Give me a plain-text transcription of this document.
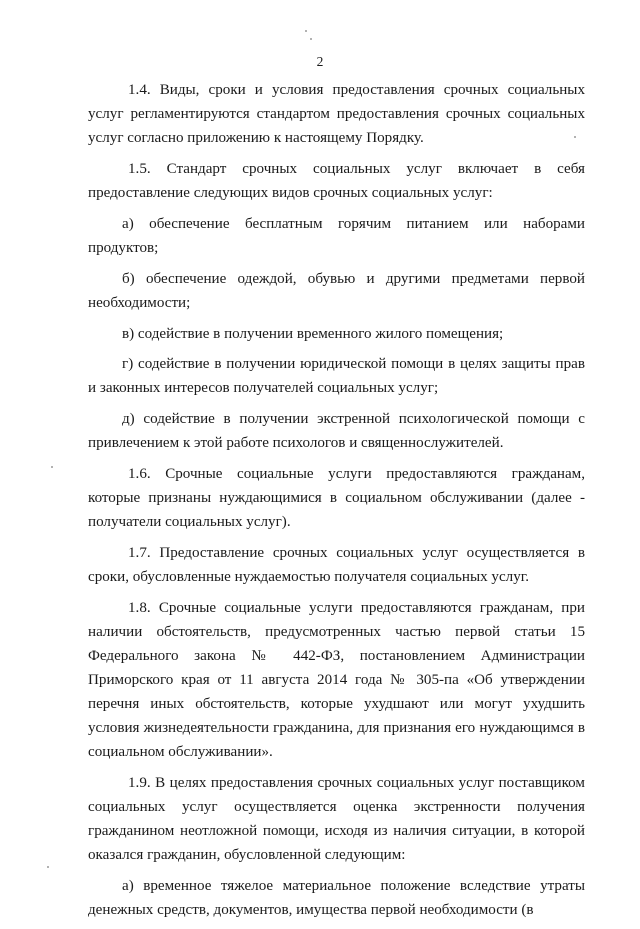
2

1.4. Виды, сроки и условия предоставления срочных социальных услуг регламентируются стандартом предоставления срочных социальных услуг согласно приложению к настоящему Порядку.

1.5. Стандарт срочных социальных услуг включает в себя предоставление следующих видов срочных социальных услуг:

а) обеспечение бесплатным горячим питанием или наборами продуктов;

б) обеспечение одеждой, обувью и другими предметами первой необходимости;

в) содействие в получении временного жилого помещения;

г) содействие в получении юридической помощи в целях защиты прав и законных интересов получателей социальных услуг;

д) содействие в получении экстренной психологической помощи с привлечением к этой работе психологов и священнослужителей.

1.6. Срочные социальные услуги предоставляются гражданам, которые признаны нуждающимися в социальном обслуживании (далее - получатели социальных услуг).

1.7. Предоставление срочных социальных услуг осуществляется в сроки, обусловленные нуждаемостью получателя социальных услуг.

1.8. Срочные социальные услуги предоставляются гражданам, при наличии обстоятельств, предусмотренных частью первой статьи 15 Федерального закона № 442-ФЗ, постановлением Администрации Приморского края от 11 августа 2014 года № 305-па «Об утверждении перечня иных обстоятельств, которые ухудшают или могут ухудшить условия жизнедеятельности гражданина, для признания его нуждающимся в социальном обслуживании».

1.9. В целях предоставления срочных социальных услуг поставщиком социальных услуг осуществляется оценка экстренности получения гражданином неотложной помощи, исходя из наличия ситуации, в которой оказался гражданин, обусловленной следующим:

а) временное тяжелое материальное положение вследствие утраты денежных средств, документов, имущества первой необходимости (в
